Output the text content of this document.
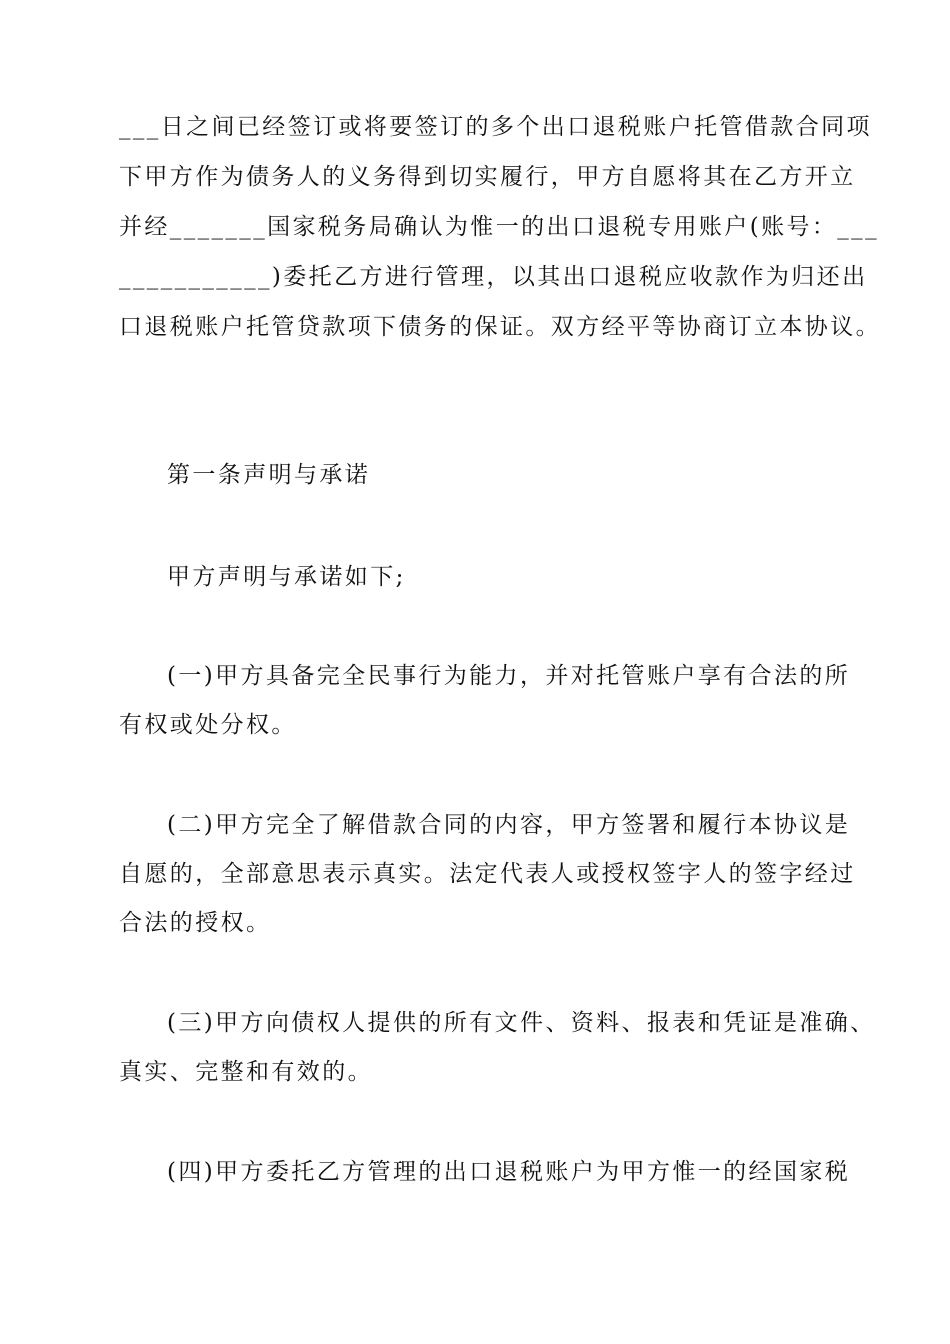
___日之间已经签订或将要签订的多个出口退税账户托管借款合同项
下甲方作为债务人的义务得到切实履行，甲方自愿将其在乙方开立
并经_______国家税务局确认为惟一的出口退税专用账户(账号：___
___________)委托乙方进行管理，以其出口退税应收款作为归还出
口退税账户托管贷款项下债务的保证。双方经平等协商订立本协议。
第一条声明与承诺
甲方声明与承诺如下;
(一)甲方具备完全民事行为能力，并对托管账户享有合法的所
有权或处分权。
(二)甲方完全了解借款合同的内容，甲方签署和履行本协议是
自愿的，全部意思表示真实。法定代表人或授权签字人的签字经过
合法的授权。
(三)甲方向债权人提供的所有文件、资料、报表和凭证是准确、
真实、完整和有效的。
(四)甲方委托乙方管理的出口退税账户为甲方惟一的经国家税
